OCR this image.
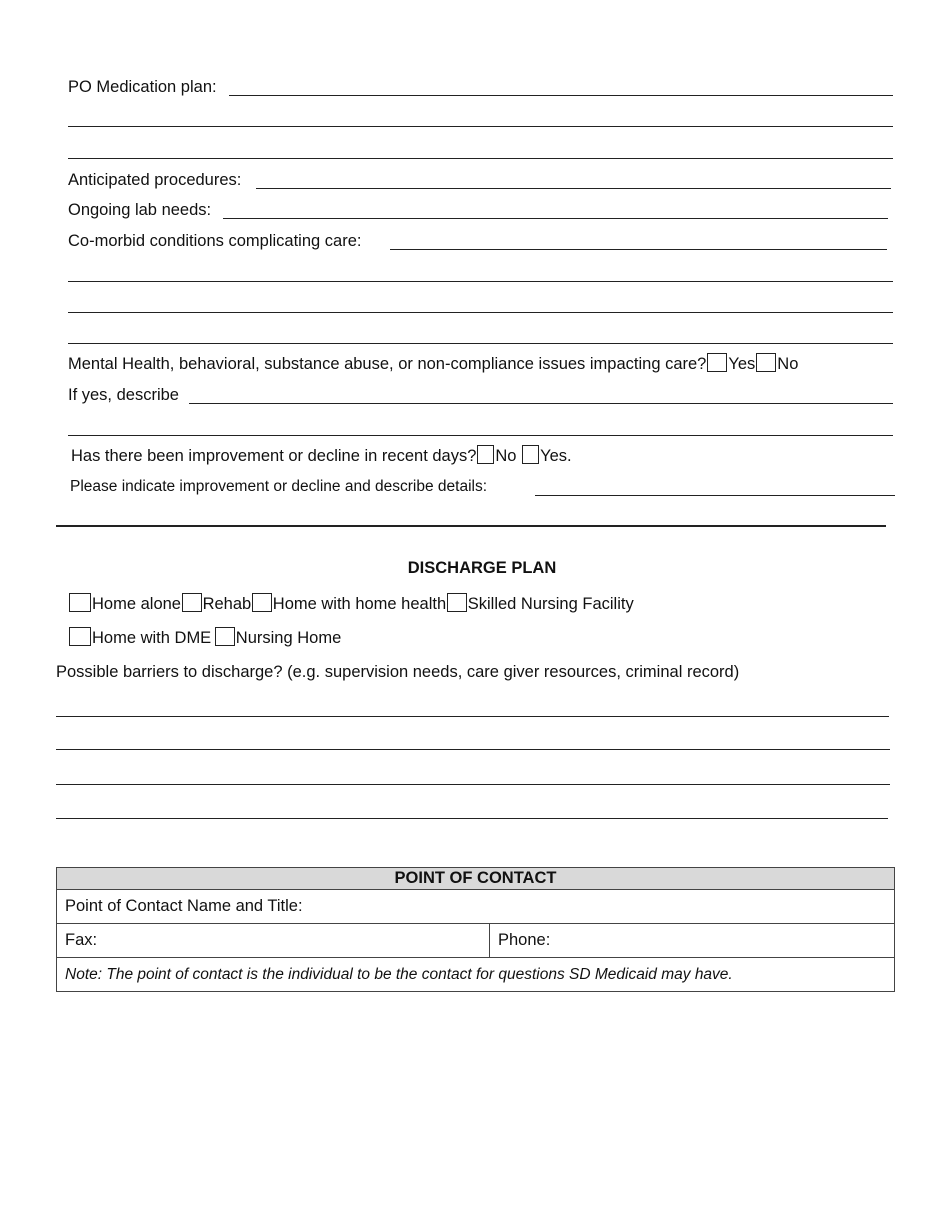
PO Medication plan:
Anticipated procedures:
Ongoing lab needs:
Co-morbid conditions complicating care:
Mental Health, behavioral, substance abuse, or non-compliance issues impacting care? Yes No
If yes, describe
Has there been improvement or decline in recent days? No Yes.
Please indicate improvement or decline and describe details:
DISCHARGE PLAN
Home alone Rehab Home with home health Skilled Nursing Facility
Home with DME Nursing Home
Possible barriers to discharge? (e.g. supervision needs, care giver resources, criminal record)
POINT OF CONTACT
Point of Contact Name and Title:
Fax:	Phone:
Note: The point of contact is the individual to be the contact for questions SD Medicaid may have.
